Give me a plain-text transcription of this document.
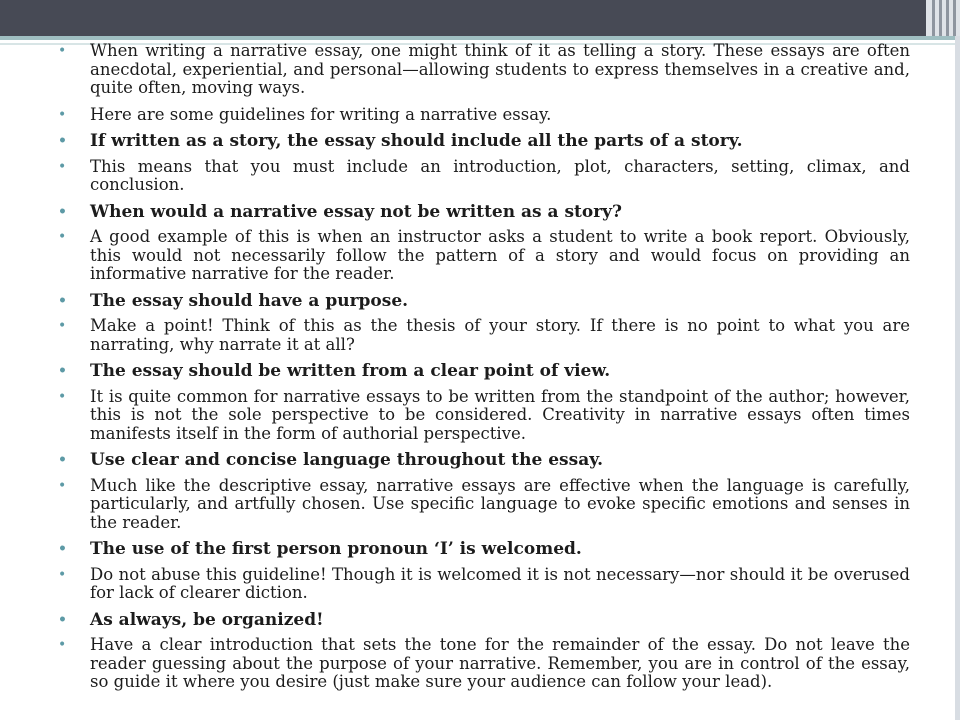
• When writing a narrative essay, one might think of it as telling a story. These essays are often anecdotal, experiential, and personal—allowing students to express themselves in a creative and, quite often, moving ways.
• Here are some guidelines for writing a narrative essay.
• If written as a story, the essay should include all the parts of a story.
• This means that you must include an introduction, plot, characters, setting, climax, and conclusion.
• When would a narrative essay not be written as a story?
• A good example of this is when an instructor asks a student to write a book report. Obviously, this would not necessarily follow the pattern of a story and would focus on providing an informative narrative for the reader.
• The essay should have a purpose.
• Make a point! Think of this as the thesis of your story. If there is no point to what you are narrating, why narrate it at all?
• The essay should be written from a clear point of view.
• It is quite common for narrative essays to be written from the standpoint of the author; however, this is not the sole perspective to be considered. Creativity in narrative essays often times manifests itself in the form of authorial perspective.
• Use clear and concise language throughout the essay.
• Much like the descriptive essay, narrative essays are effective when the language is carefully, particularly, and artfully chosen. Use specific language to evoke specific emotions and senses in the reader.
• The use of the first person pronoun ‘I’ is welcomed.
• Do not abuse this guideline! Though it is welcomed it is not necessary—nor should it be overused for lack of clearer diction.
• As always, be organized!
• Have a clear introduction that sets the tone for the remainder of the essay. Do not leave the reader guessing about the purpose of your narrative. Remember, you are in control of the essay, so guide it where you desire (just make sure your audience can follow your lead).
